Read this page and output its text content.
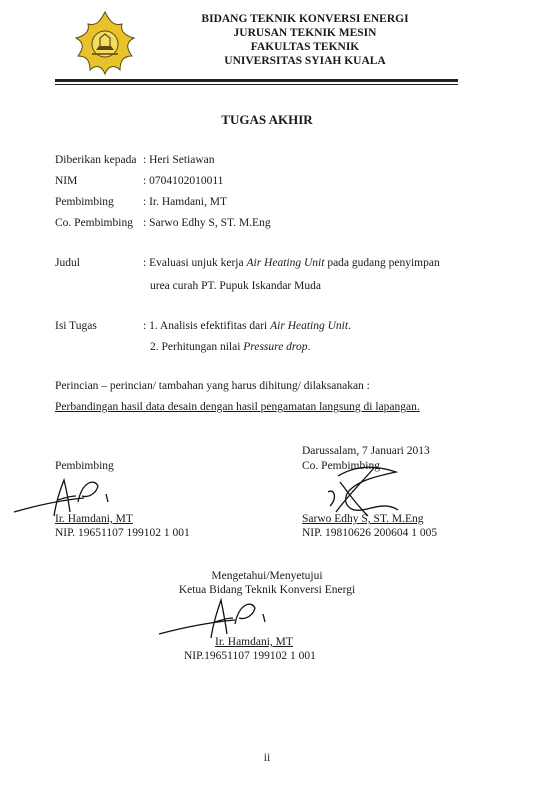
BIDANG TEKNIK KONVERSI ENERGI
JURUSAN TEKNIK MESIN
FAKULTAS TEKNIK
UNIVERSITAS SYIAH KUALA
TUGAS AKHIR
Diberikan kepada : Heri Setiawan
NIM	: 0704102010011
Pembimbing	: Ir. Hamdani, MT
Co. Pembimbing : Sarwo Edhy S, ST. M.Eng
Judul	: Evaluasi unjuk kerja Air Heating Unit pada gudang penyimpan
urea curah PT. Pupuk Iskandar Muda
Isi Tugas	: 1. Analisis efektifitas dari Air Heating Unit.
2. Perhitungan nilai Pressure drop.
Perincian – perincian/ tambahan yang harus dihitung/ dilaksanakan :
Perbandingan hasil data desain dengan hasil pengamatan langsung di lapangan.
Darussalam, 7 Januari 2013
Pembimbing	Co. Pembimbing
Ir. Hamdani, MT	Sarwo Edhy S, ST. M.Eng
NIP. 19651107 199102 1 001	NIP. 19810626 200604 1 005
Mengetahui/Menyetujui
Ketua Bidang Teknik Konversi Energi
Ir. Hamdani, MT
NIP.19651107 199102 1 001
ii
